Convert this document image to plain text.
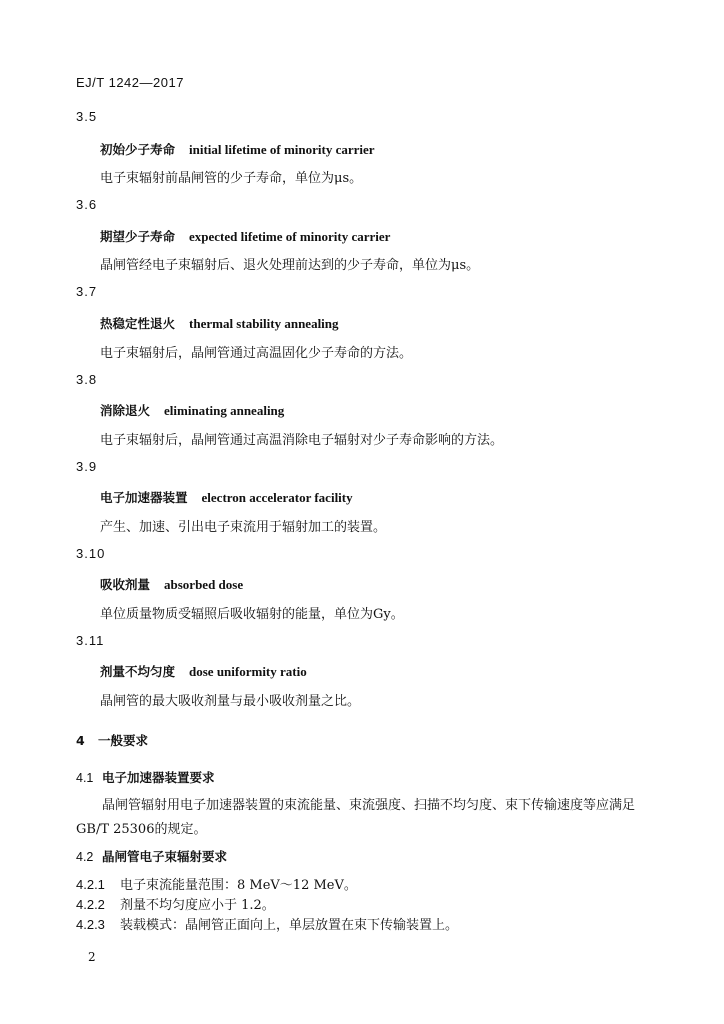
EJ/T 1242—2017
3.5
初始少子寿命 initial lifetime of minority carrier
电子束辐射前晶闸管的少子寿命，单位为μs。
3.6
期望少子寿命 expected lifetime of minority carrier
晶闸管经电子束辐射后、退火处理前达到的少子寿命，单位为μs。
3.7
热稳定性退火 thermal stability annealing
电子束辐射后，晶闸管通过高温固化少子寿命的方法。
3.8
消除退火 eliminating annealing
电子束辐射后，晶闸管通过高温消除电子辐射对少子寿命影响的方法。
3.9
电子加速器装置 electron accelerator facility
产生、加速、引出电子束流用于辐射加工的装置。
3.10
吸收剂量 absorbed dose
单位质量物质受辐照后吸收辐射的能量，单位为Gy。
3.11
剂量不均匀度 dose uniformity ratio
晶闸管的最大吸收剂量与最小吸收剂量之比。
4 一般要求
4.1 电子加速器装置要求
晶闸管辐射用电子加速器装置的束流能量、束流强度、扫描不均匀度、束下传输速度等应满足GB/T 25306的规定。
4.2 晶闸管电子束辐射要求
4.2.1 电子束流能量范围：8 MeV～12 MeV。
4.2.2 剂量不均匀度应小于 1.2。
4.2.3 装载模式：晶闸管正面向上，单层放置在束下传输装置上。
2
